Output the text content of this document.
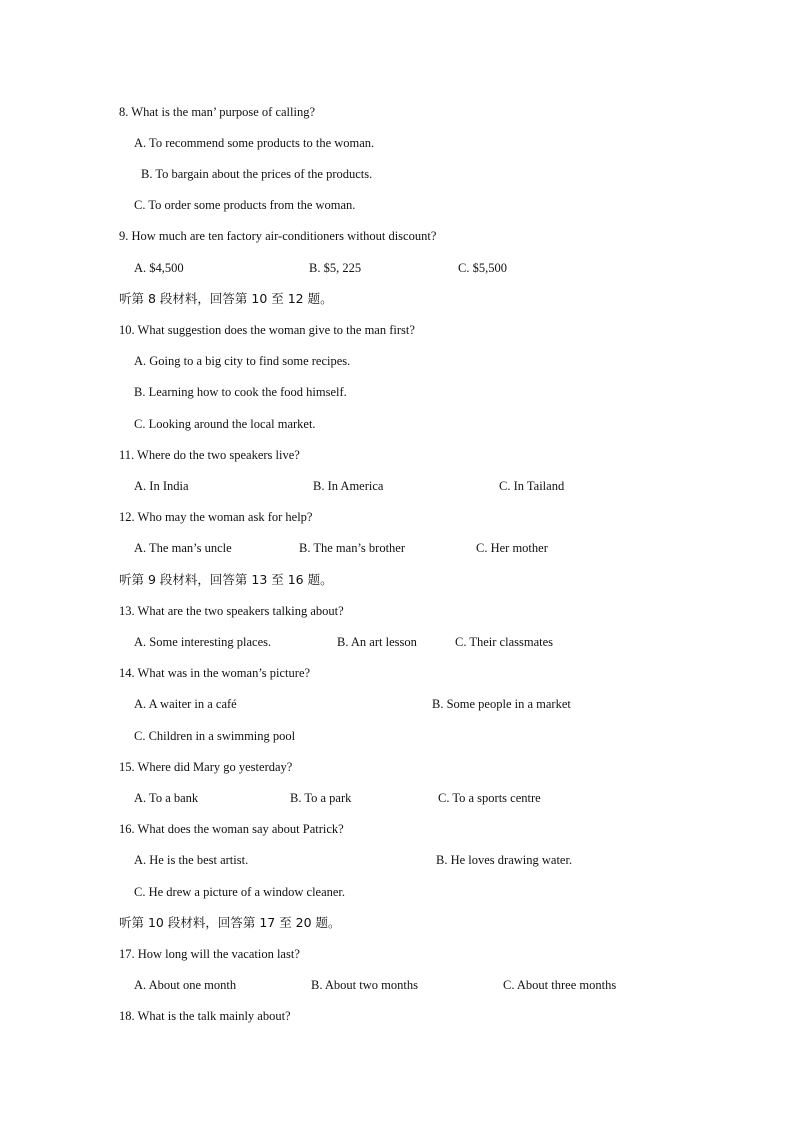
8. What is the man’ purpose of calling?
A. To recommend some products to the woman.
B. To bargain about the prices of the products.
C. To order some products from the woman.
9. How much are ten factory air-conditioners without discount?
A. $4,500	B. $5, 225	C. $5,500
听第 8 段材料，回答第 10 至 12 题。
10. What suggestion does the woman give to the man first?
A. Going to a big city to find some recipes.
B. Learning how to cook the food himself.
C. Looking around the local market.
11. Where do the two speakers live?
A. In India	B. In America	C. In Tailand
12. Who may the woman ask for help?
A. The man’s uncle	B. The man’s brother	C. Her mother
听第 9 段材料，回答第 13 至 16 题。
13. What are the two speakers talking about?
A. Some interesting places.	B. An art lesson	C. Their classmates
14. What was in the woman’s picture?
A. A waiter in a café	B. Some people in a market
C. Children in a swimming pool
15. Where did Mary go yesterday?
A. To a bank	B. To a park	C. To a sports centre
16. What does the woman say about Patrick?
A. He is the best artist.	B. He loves drawing water.
C. He drew a picture of a window cleaner.
听第 10 段材料，回答第 17 至 20 题。
17. How long will the vacation last?
A. About one month	B. About two months	C. About three months
18. What is the talk mainly about?
